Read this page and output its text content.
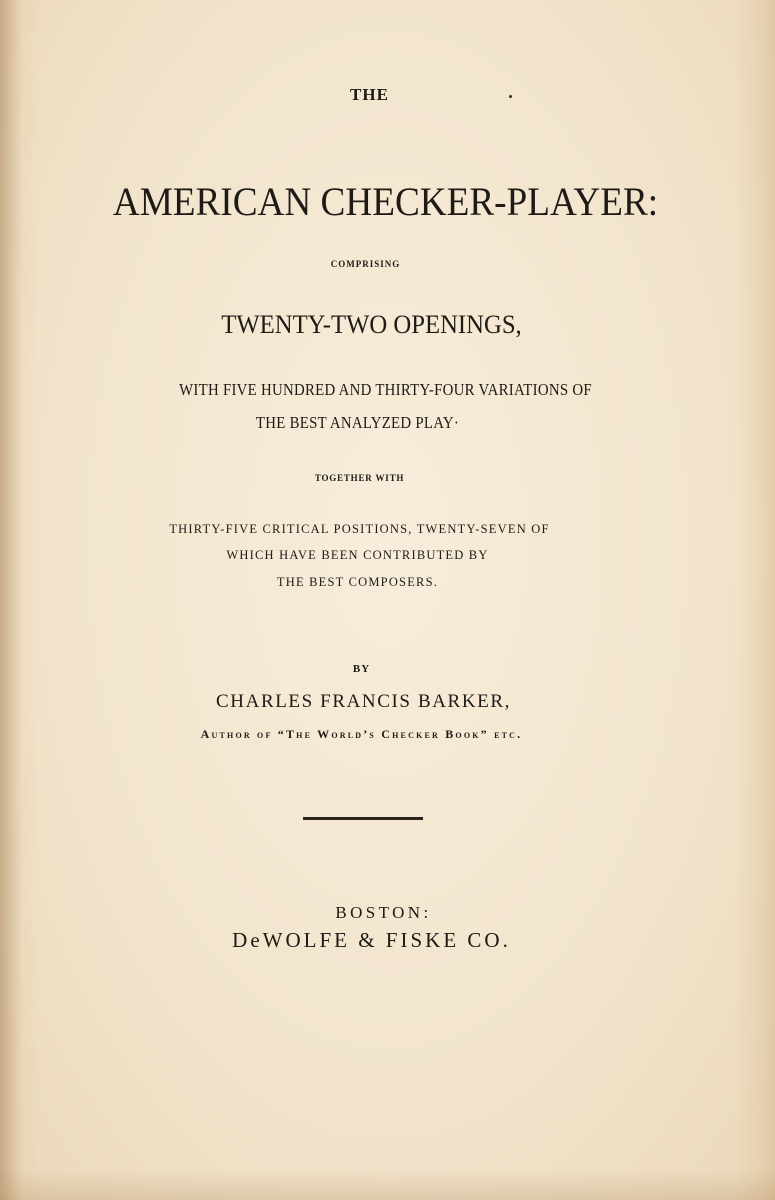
THE
AMERICAN CHECKER-PLAYER:
COMPRISING
TWENTY-TWO OPENINGS,
WITH FIVE HUNDRED AND THIRTY-FOUR VARIATIONS OF
THE BEST ANALYZED PLAY·
TOGETHER WITH
THIRTY-FIVE CRITICAL POSITIONS, TWENTY-SEVEN OF
WHICH HAVE BEEN CONTRIBUTED BY
THE BEST COMPOSERS.
BY
CHARLES FRANCIS BARKER,
Author of “The World’s Checker Book” etc.
BOSTON:
DeWOLFE & FISKE CO.
